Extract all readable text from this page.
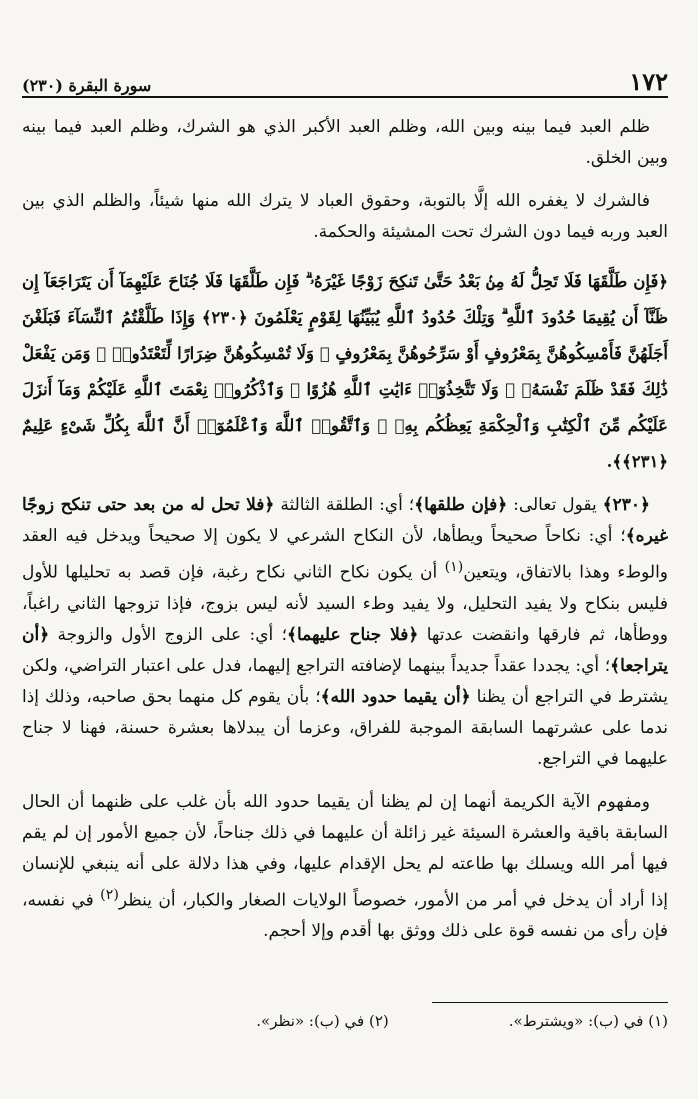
١٧٢
سورة البقرة (٢٣٠)

ظلم العبد فيما بينه وبين الله، وظلم العبد الأكبر الذي هو الشرك، وظلم العبد فيما بينه وبين الخلق.

فالشرك لا يغفره الله إلَّا بالتوبة، وحقوق العباد لا يترك الله منها شيئاً، والظلم الذي بين العبد وربه فيما دون الشرك تحت المشيئة والحكمة.

﴿فَإِن طَلَّقَهَا فَلَا تَحِلُّ لَهُ مِنۢ بَعْدُ حَتَّىٰ تَنكِحَ زَوْجًا غَيْرَهُۥ ۗ فَإِن طَلَّقَهَا فَلَا جُنَاحَ عَلَيْهِمَآ أَن يَتَرَاجَعَآ إِن ظَنَّآ أَن يُقِيمَا حُدُودَ ٱللَّهِ ۗ وَتِلْكَ حُدُودُ ٱللَّهِ يُبَيِّنُهَا لِقَوْمٍ يَعْلَمُونَ ﴿٢٣٠﴾ وَإِذَا طَلَّقْتُمُ ٱلنِّسَآءَ فَبَلَغْنَ أَجَلَهُنَّ فَأَمْسِكُوهُنَّ بِمَعْرُوفٍ أَوْ سَرِّحُوهُنَّ بِمَعْرُوفٍ ۚ وَلَا تُمْسِكُوهُنَّ ضِرَارًا لِّتَعْتَدُوا۟ ۚ وَمَن يَفْعَلْ ذَٰلِكَ فَقَدْ ظَلَمَ نَفْسَهُۥ ۚ وَلَا تَتَّخِذُوٓا۟ ءَايَٰتِ ٱللَّهِ هُزُوًا ۚ وَٱذْكُرُوا۟ نِعْمَتَ ٱللَّهِ عَلَيْكُمْ وَمَآ أَنزَلَ عَلَيْكُم مِّنَ ٱلْكِتَٰبِ وَٱلْحِكْمَةِ يَعِظُكُم بِهِۦ ۚ وَٱتَّقُوا۟ ٱللَّهَ وَٱعْلَمُوٓا۟ أَنَّ ٱللَّهَ بِكُلِّ شَىْءٍ عَلِيمٌ ﴿٢٣١﴾﴾.

﴿٢٣٠﴾ يقول تعالى: ﴿فإن طلقها﴾؛ أي: الطلقة الثالثة ﴿فلا تحل له من بعد حتى تنكح زوجًا غيره﴾؛ أي: نكاحاً صحيحاً ويطأها، لأن النكاح الشرعي لا يكون إلا صحيحاً ويدخل فيه العقد والوطء وهذا بالاتفاق، ويتعين$^{(١)}$ أن يكون نكاح الثاني نكاح رغبة، فإن قصد به تحليلها للأول فليس بنكاح ولا يفيد التحليل، ولا يفيد وطء السيد لأنه ليس بزوج، فإذا تزوجها الثاني راغباً، ووطأها، ثم فارقها وانقضت عدتها ﴿فلا جناح عليهما﴾؛ أي: على الزوج الأول والزوجة ﴿أن يتراجعا﴾؛ أي: يجددا عقداً جديداً بينهما لإضافته التراجع إليهما، فدل على اعتبار التراضي، ولكن يشترط في التراجع أن يظنا ﴿أن يقيما حدود الله﴾؛ بأن يقوم كل منهما بحق صاحبه، وذلك إذا ندما على عشرتهما السابقة الموجبة للفراق، وعزما أن يبدلاها بعشرة حسنة، فهنا لا جناح عليهما في التراجع.

ومفهوم الآية الكريمة أنهما إن لم يظنا أن يقيما حدود الله بأن غلب على ظنهما أن الحال السابقة باقية والعشرة السيئة غير زائلة أن عليهما في ذلك جناحاً، لأن جميع الأمور إن لم يقم فيها أمر الله ويسلك بها طاعته لم يحل الإقدام عليها، وفي هذا دلالة على أنه ينبغي للإنسان إذا أراد أن يدخل في أمر من الأمور، خصوصاً الولايات الصغار والكبار، أن ينظر$^{(٢)}$ في نفسه، فإن رأى من نفسه قوة على ذلك ووثق بها أقدم وإلا أحجم.

(١) في (ب): «ويشترط».
(٢) في (ب): «نظر».
